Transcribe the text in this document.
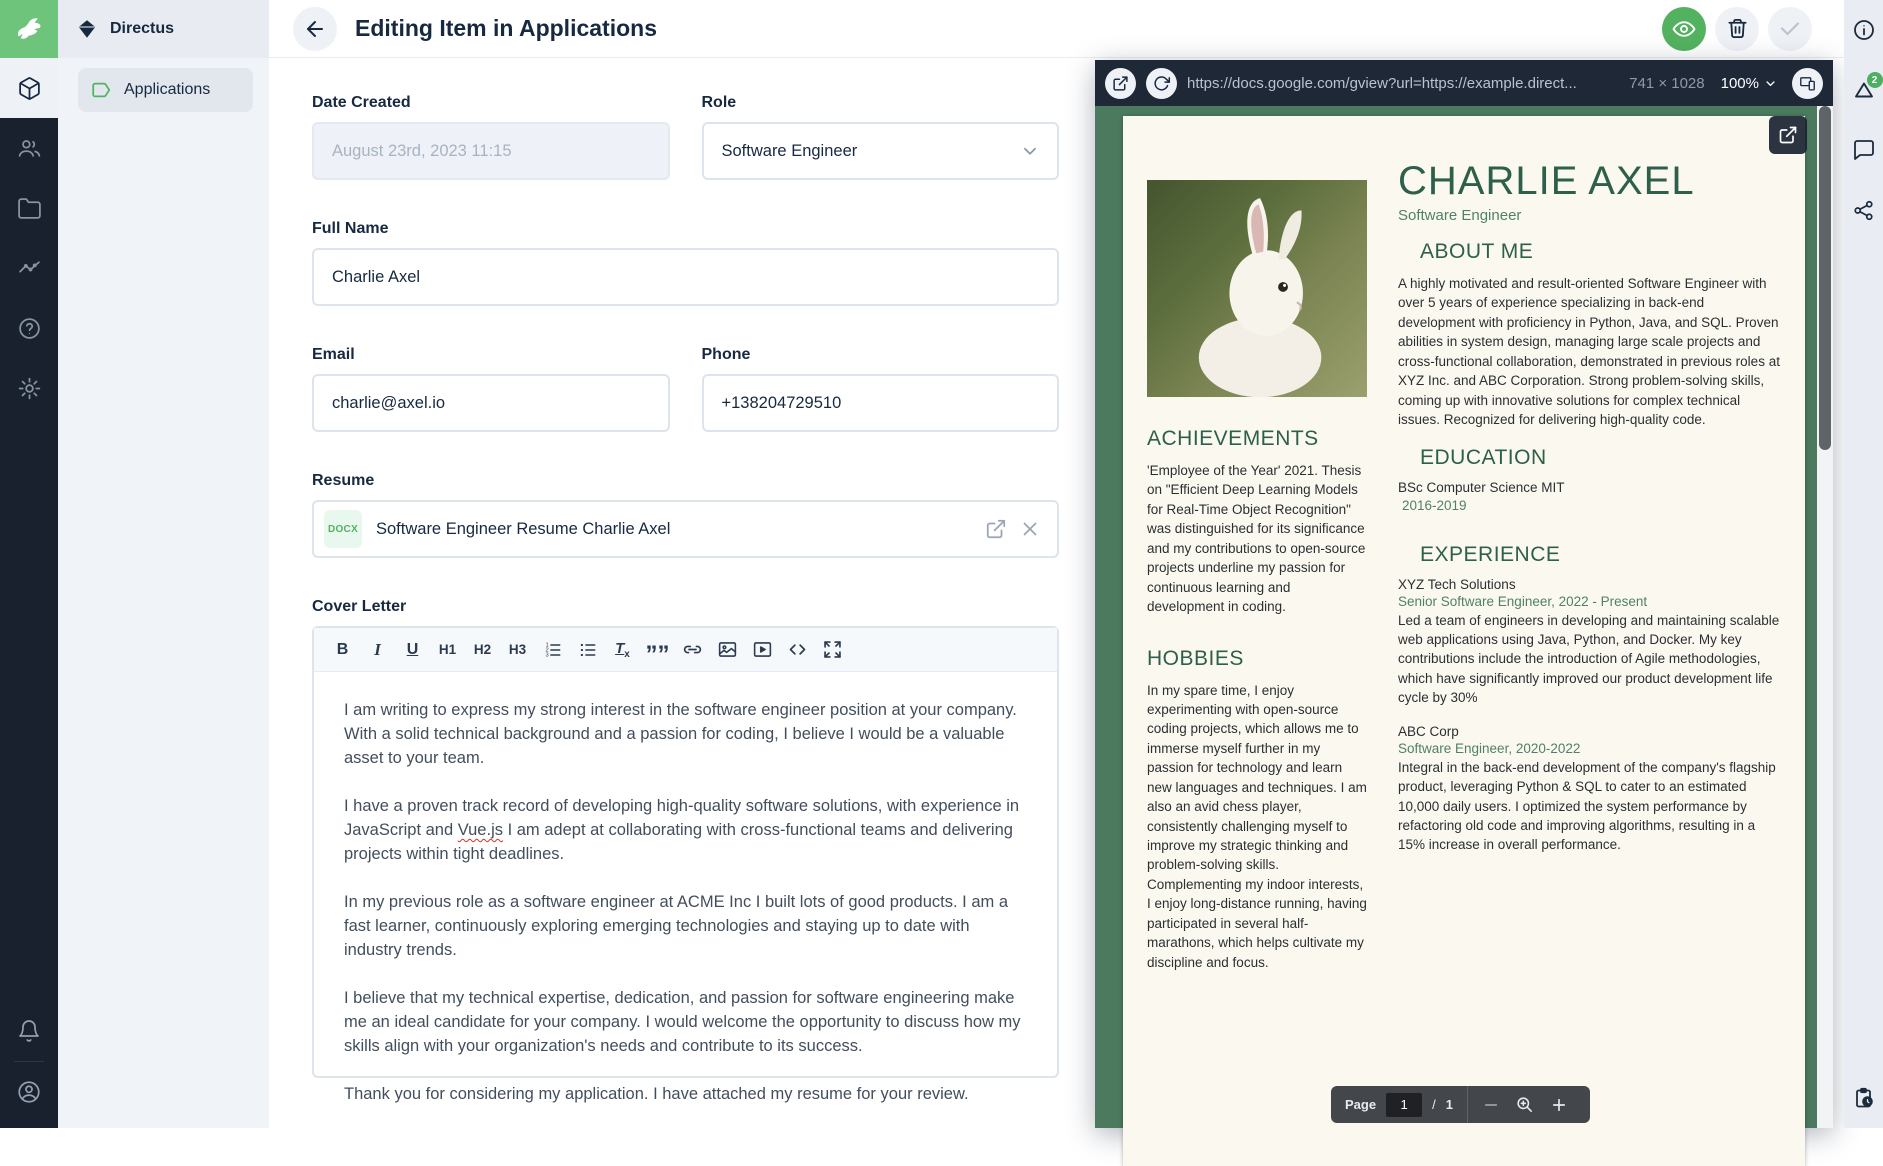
Directus
Applications
Editing Item in Applications
Date Created
August 23rd, 2023 11:15	Role
Software Engineer
Full Name
Charlie Axel
Email
charlie@axel.io	Phone
+138204729510
Resume
DOCX Software Engineer Resume Charlie Axel
Cover Letter
B	I	U	H1	H2	H3	1
2
3	$T_x$ ””

I am writing to express my strong interest in the software engineer position at your company. With a solid technical background and a passion for coding, I believe I would be a valuable asset to your team.

I have a proven track record of developing high-quality software solutions, with experience in JavaScript and Vue.js I am adept at collaborating with cross-functional teams and delivering projects within tight deadlines.

In my previous role as a software engineer at ACME Inc I built lots of good products. I am a fast learner, continuously exploring emerging technologies and staying up to date with industry trends.

I believe that my technical expertise, dedication, and passion for software engineering make me an ideal candidate for your company. I would welcome the opportunity to discuss how my skills align with your organization's needs and contribute to its success.

Thank you for considering my application. I have attached my resume for your review.

https://docs.google.com/gview?url=https://example.direct...	741 × 1028 100%
ACHIEVEMENTS
'Employee of the Year' 2021. Thesis on "Efficient Deep Learning Models for Real-Time Object Recognition" was distinguished for its significance and my contributions to open-source projects underline my passion for continuous learning and development in coding.
HOBBIES
In my spare time, I enjoy experimenting with open-source coding projects, which allows me to immerse myself further in my passion for technology and learn new languages and techniques. I am also an avid chess player, consistently challenging myself to improve my strategic thinking and problem-solving skills. Complementing my indoor interests, I enjoy long-distance running, having participated in several half-marathons, which helps cultivate my discipline and focus.
CHARLIE AXEL
Software Engineer
ABOUT ME
A highly motivated and result-oriented Software Engineer with over 5 years of experience specializing in back-end development with proficiency in Python, Java, and SQL. Proven abilities in system design, managing large scale projects and cross-functional collaboration, demonstrated in previous roles at XYZ Inc. and ABC Corporation. Strong problem-solving skills, coming up with innovative solutions for complex technical issues. Recognized for delivering high-quality code.
EDUCATION
BSc Computer Science MIT
2016-2019
EXPERIENCE
XYZ Tech Solutions
Senior Software Engineer, 2022 - Present
Led a team of engineers in developing and maintaining scalable web applications using Java, Python, and Docker. My key contributions include the introduction of Agile methodologies, which have significantly improved our product development life cycle by 30%
ABC Corp
Software Engineer, 2020-2022
Integral in the back-end development of the company's flagship product, leveraging Python & SQL to cater to an estimated 10,000 daily users. I optimized the system performance by refactoring old code and improving algorithms, resulting in a 15% increase in overall performance.
Page
1	/ 1
2
